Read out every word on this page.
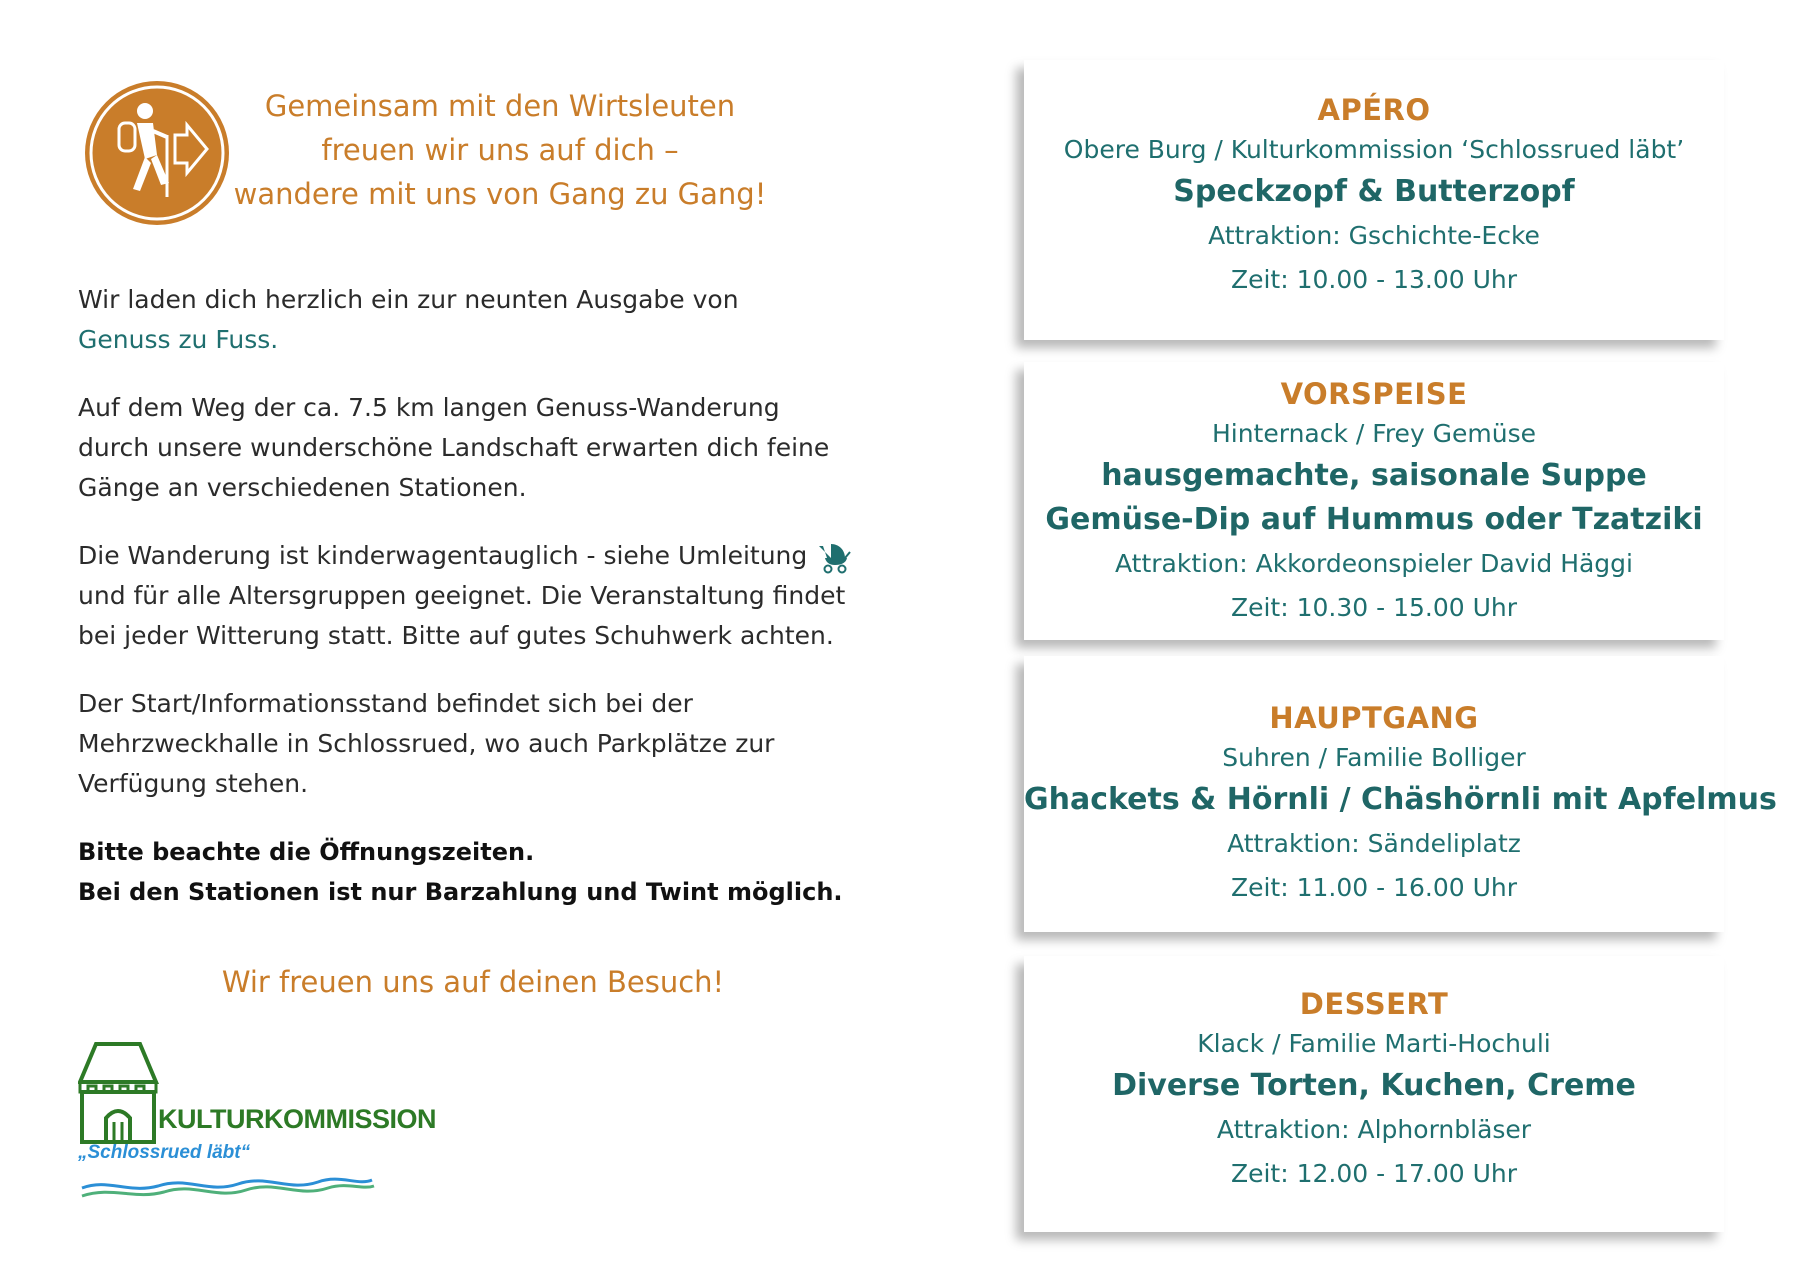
Gemeinsam mit den Wirtsleuten
freuen wir uns auf dich –
wandere mit uns von Gang zu Gang!

Wir laden dich herzlich ein zur neunten Ausgabe von
Genuss zu Fuss.

Auf dem Weg der ca. 7.5 km langen Genuss-Wanderung
durch unsere wunderschöne Landschaft erwarten dich feine
Gänge an verschiedenen Stationen.

Die Wanderung ist kinderwagentauglich - siehe Umleitung
und für alle Altersgruppen geeignet. Die Veranstaltung findet
bei jeder Witterung statt. Bitte auf gutes Schuhwerk achten.

Der Start/Informationsstand befindet sich bei der
Mehrzweckhalle in Schlossrued, wo auch Parkplätze zur
Verfügung stehen.

Bitte beachte die Öffnungszeiten.
Bei den Stationen ist nur Barzahlung und Twint möglich.

Wir freuen uns auf deinen Besuch!
KULTURKOMMISSION
„Schlossrued läbt“
APÉRO
Obere Burg / Kulturkommission ‘Schlossrued läbt’
Speckzopf & Butterzopf
Attraktion: Gschichte-Ecke
Zeit: 10.00 - 13.00 Uhr
VORSPEISE
Hinternack / Frey Gemüse
hausgemachte, saisonale Suppe
Gemüse-Dip auf Hummus oder Tzatziki
Attraktion: Akkordeonspieler David Häggi
Zeit: 10.30 - 15.00 Uhr
HAUPTGANG
Suhren / Familie Bolliger
Ghackets & Hörnli / Chäshörnli mit Apfelmus
Attraktion: Sändeliplatz
Zeit: 11.00 - 16.00 Uhr
DESSERT
Klack / Familie Marti-Hochuli
Diverse Torten, Kuchen, Creme
Attraktion: Alphornbläser
Zeit: 12.00 - 17.00 Uhr
